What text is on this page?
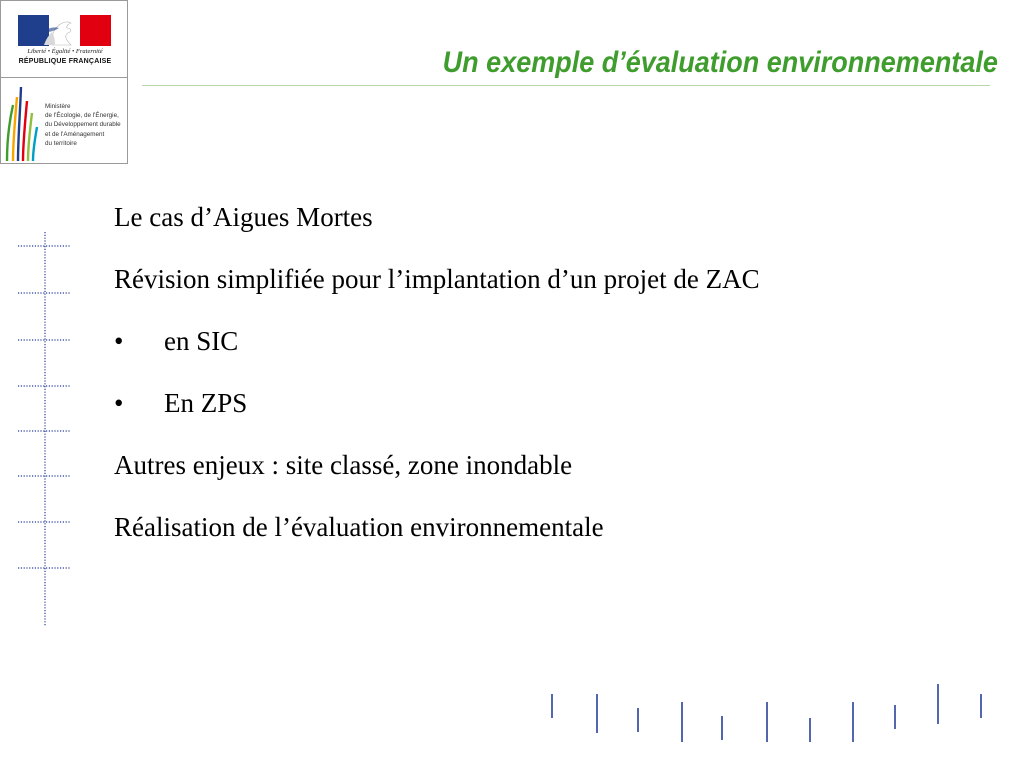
Liberté • Égalité • Fraternité
RÉPUBLIQUE FRANÇAISE
Ministère
de l'Écologie, de l'Énergie,
du Développement durable
et de l'Aménagement
du territoire
Un exemple d’évaluation environnementale
Le cas d’Aigues Mortes
Révision simplifiée pour l’implantation d’un projet de ZAC
•	en SIC
•	En ZPS
Autres enjeux : site classé, zone inondable
Réalisation de l’évaluation environnementale
